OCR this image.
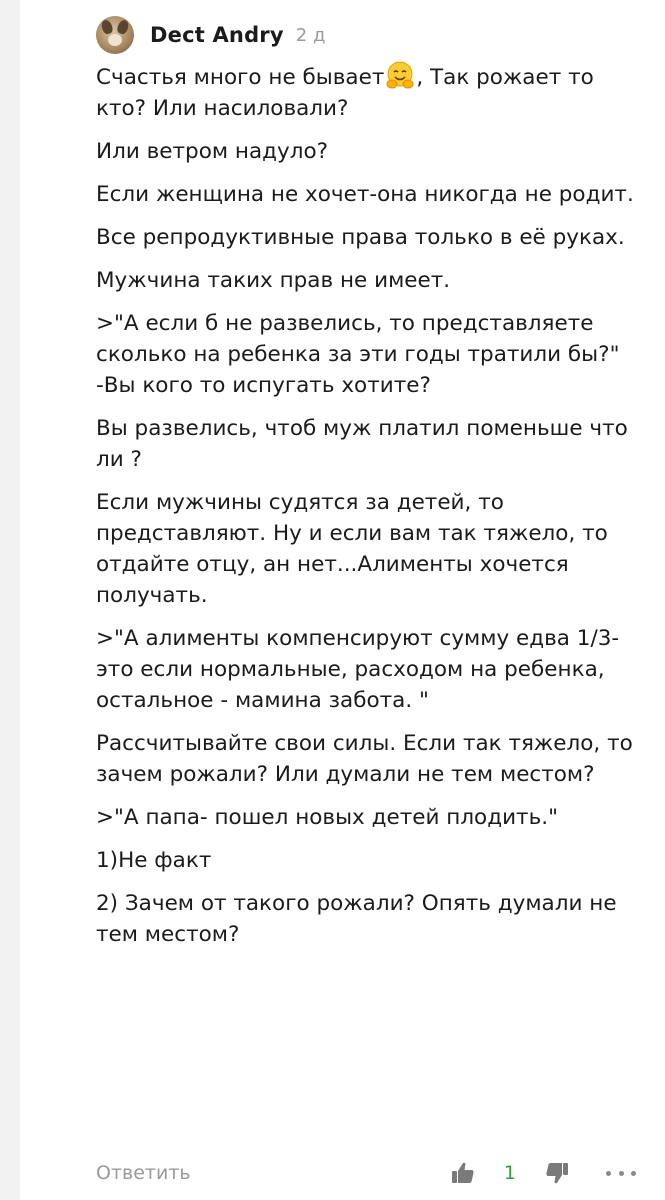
Dect Andry 2 д

Счастья много не бывает , Так рожает то кто? Или насиловали?

Или ветром надуло?

Если женщина не хочет-она никогда не родит.

Все репродуктивные права только в её руках.

Мужчина таких прав не имеет.

>"А если б не развелись, то представляете сколько на ребенка за эти годы тратили бы?" -Вы кого то испугать хотите?

Вы развелись, чтоб муж платил поменьше что ли ?

Если мужчины судятся за детей, то представляют. Ну и если вам так тяжело, то отдайте отцу, ан нет...Алименты хочется получать.

>"А алименты компенсируют сумму едва 1/3- это если нормальные, расходом на ребенка, остальное - мамина забота. "

Рассчитывайте свои силы. Если так тяжело, то зачем рожали? Или думали не тем местом?

>"А папа- пошел новых детей плодить."

1)Не факт

2) Зачем от такого рожали? Опять думали не тем местом?

Ответить	1
